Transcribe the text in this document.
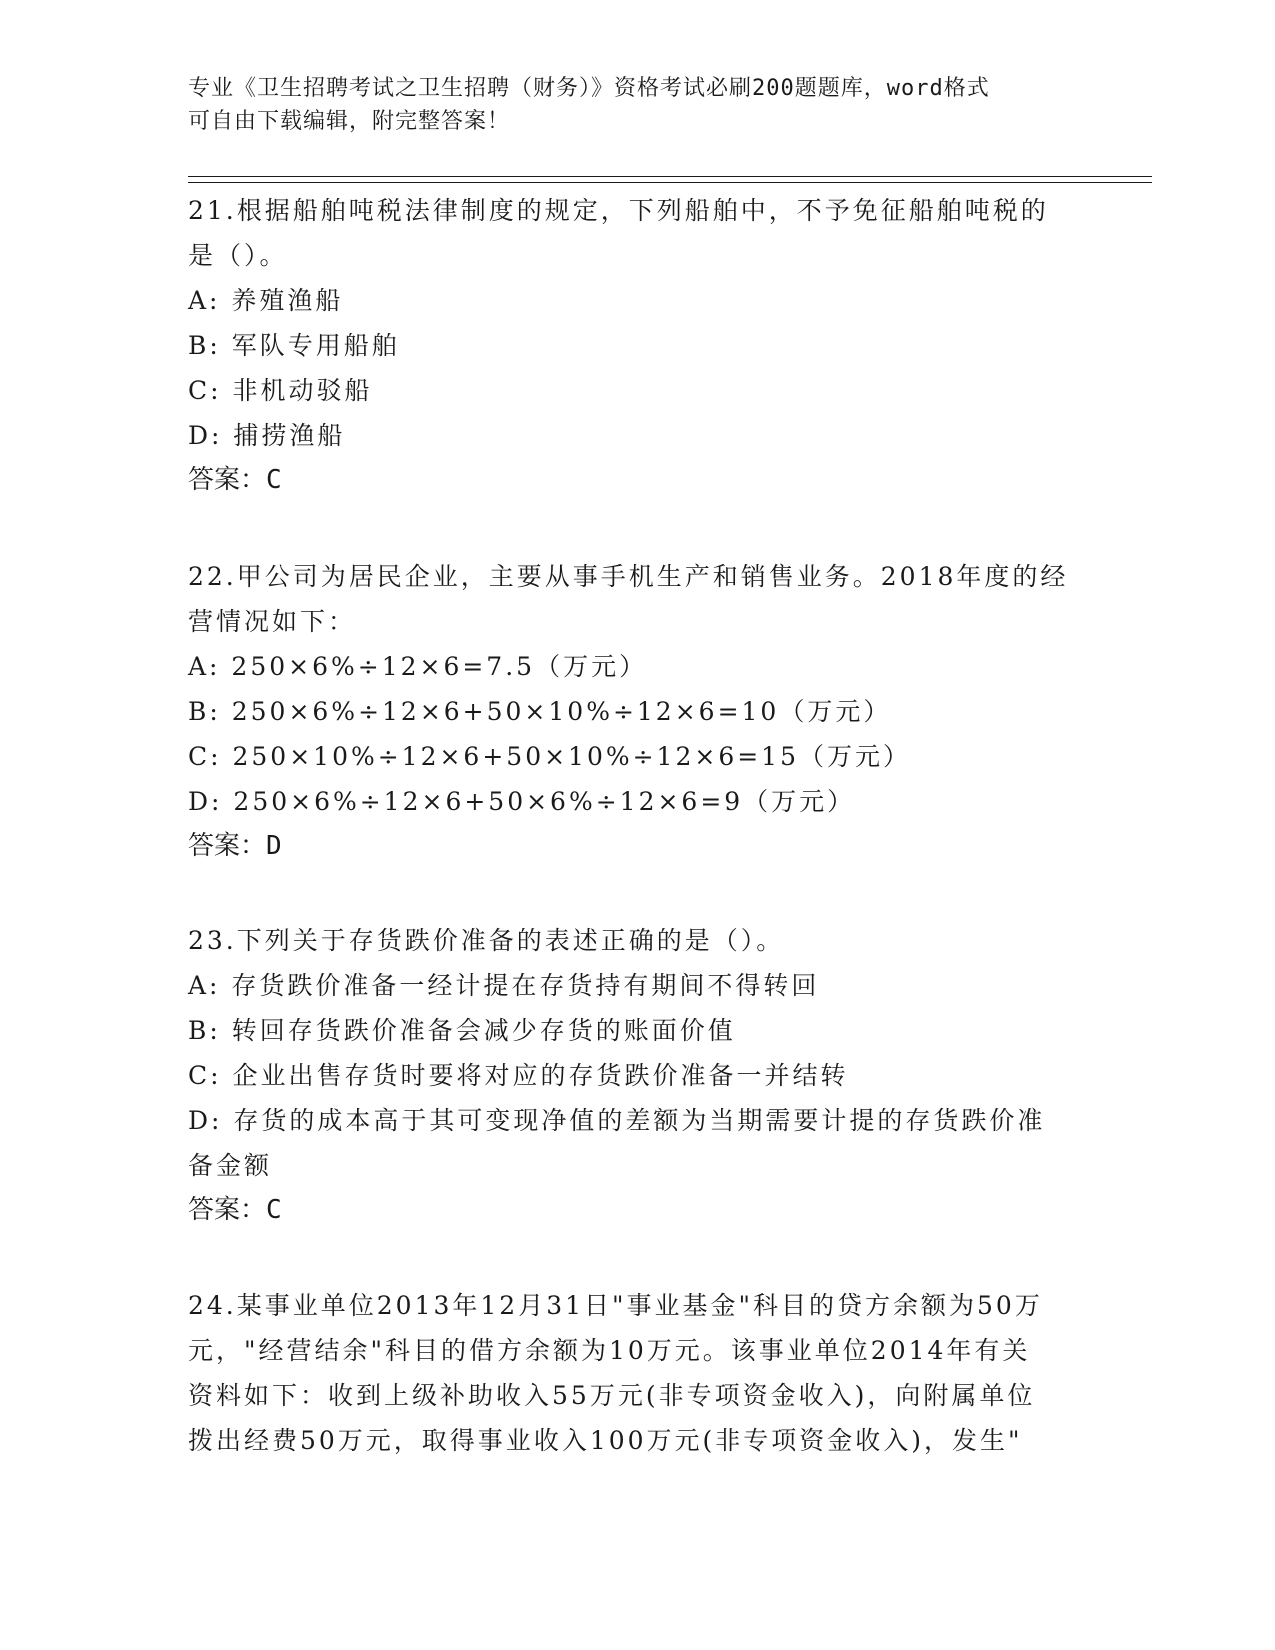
专业《卫生招聘考试之卫生招聘（财务）》资格考试必刷200题题库，word格式
可自由下载编辑，附完整答案！
21.根据船舶吨税法律制度的规定，下列船舶中，不予免征船舶吨税的
是（）。
A: 养殖渔船
B: 军队专用船舶
C: 非机动驳船
D: 捕捞渔船
答案：C
22.甲公司为居民企业，主要从事手机生产和销售业务。2018年度的经
营情况如下：
A: 250×6%÷12×6=7.5（万元）
B: 250×6%÷12×6+50×10%÷12×6=10（万元）
C: 250×10%÷12×6+50×10%÷12×6=15（万元）
D: 250×6%÷12×6+50×6%÷12×6=9（万元）
答案：D
23.下列关于存货跌价准备的表述正确的是（）。
A: 存货跌价准备一经计提在存货持有期间不得转回
B: 转回存货跌价准备会减少存货的账面价值
C: 企业出售存货时要将对应的存货跌价准备一并结转
D: 存货的成本高于其可变现净值的差额为当期需要计提的存货跌价准
备金额
答案：C
24.某事业单位2013年12月31日"事业基金"科目的贷方余额为50万
元，"经营结余"科目的借方余额为10万元。该事业单位2014年有关
资料如下：收到上级补助收入55万元(非专项资金收入)，向附属单位
拨出经费50万元，取得事业收入100万元(非专项资金收入)，发生"
